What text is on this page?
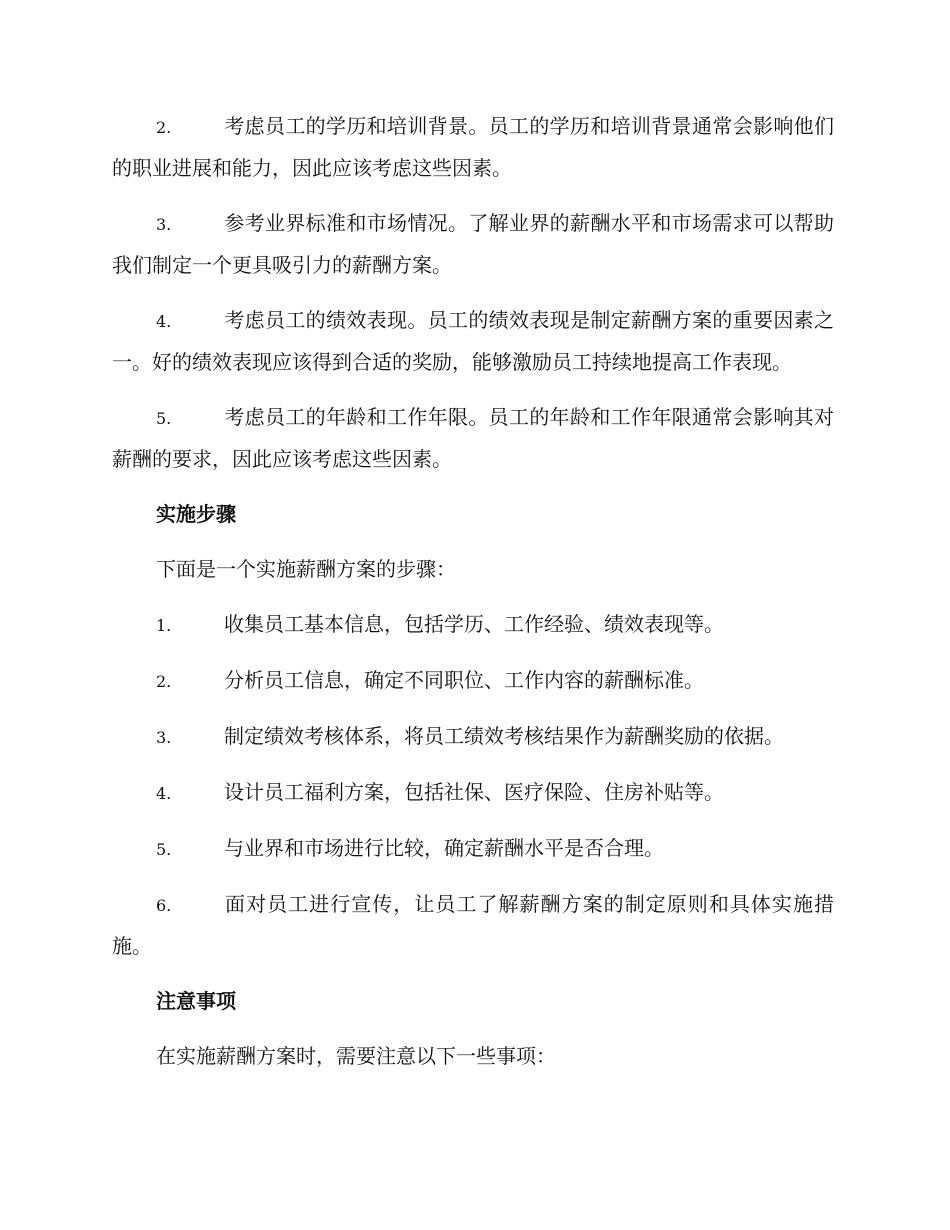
2.	考虑员工的学历和培训背景。员工的学历和培训背景通常会影响他们的职业进展和能力，因此应该考虑这些因素。
3.	参考业界标准和市场情况。了解业界的薪酬水平和市场需求可以帮助我们制定一个更具吸引力的薪酬方案。
4.	考虑员工的绩效表现。员工的绩效表现是制定薪酬方案的重要因素之一。好的绩效表现应该得到合适的奖励，能够激励员工持续地提高工作表现。
5.	考虑员工的年龄和工作年限。员工的年龄和工作年限通常会影响其对薪酬的要求，因此应该考虑这些因素。
实施步骤
下面是一个实施薪酬方案的步骤：
1.	收集员工基本信息，包括学历、工作经验、绩效表现等。
2.	分析员工信息，确定不同职位、工作内容的薪酬标准。
3.	制定绩效考核体系，将员工绩效考核结果作为薪酬奖励的依据。
4.	设计员工福利方案，包括社保、医疗保险、住房补贴等。
5.	与业界和市场进行比较，确定薪酬水平是否合理。
6.	面对员工进行宣传，让员工了解薪酬方案的制定原则和具体实施措施。
注意事项
在实施薪酬方案时，需要注意以下一些事项：
